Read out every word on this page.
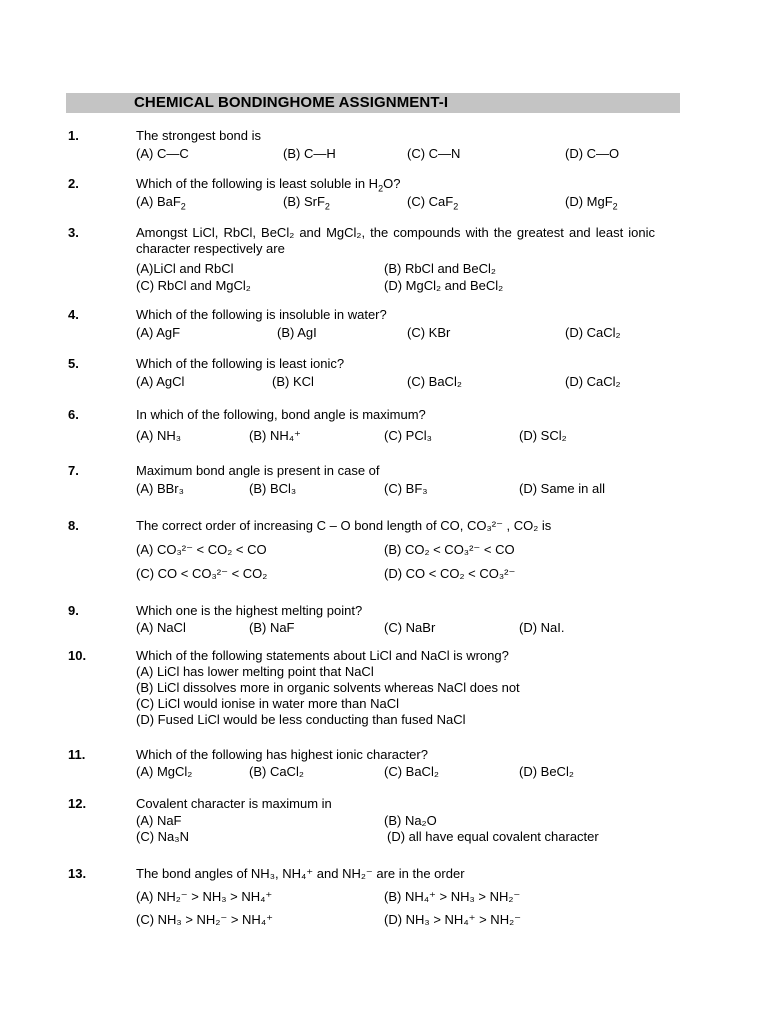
CHEMICAL BONDINGHOME ASSIGNMENT-I
1.	The strongest bond is
(A) C—C	(B) C—H	(C) C—N	(D) C—O
2.	Which of the following is least soluble in $H_2O$?
(A) BaF$_2$	(B) SrF$_2$	(C) CaF$_2$	(D) MgF$_2$
3.	Amongst LiCl, RbCl, BeCl₂ and MgCl₂, the compounds with the greatest and least ionic character respectively are
(A)LiCl and RbCl	(B) RbCl and BeCl₂
(C) RbCl and MgCl₂	(D) MgCl₂ and BeCl₂
4.	Which of the following is insoluble in water?
(A) AgF	(B) AgI	(C) KBr	(D) CaCl₂
5.	Which of the following is least ionic?
(A) AgCl	(B) KCl	(C) BaCl₂	(D) CaCl₂
6.	In which of the following, bond angle is maximum?
(A) NH₃	(B) NH₄⁺	(C) PCl₃	(D) SCl₂
7.	Maximum bond angle is present in case of
(A) BBr₃	(B) BCl₃	(C) BF₃	(D) Same in all
8.	The correct order of increasing C – O bond length of CO, CO₃²⁻ , CO₂ is
(A) CO₃²⁻ < CO₂ < CO	(B) CO₂ < CO₃²⁻ < CO
(C) CO < CO₃²⁻ < CO₂	(D) CO < CO₂ < CO₃²⁻
9.	Which one is the highest melting point?
(A) NaCl	(B) NaF	(C) NaBr	(D) NaI.
10.	Which of the following statements about LiCl and NaCl is wrong?
(A) LiCl has lower melting point that NaCl
(B) LiCl dissolves more in organic solvents whereas NaCl does not
(C) LiCl would ionise in water more than NaCl
(D) Fused LiCl would be less conducting than fused NaCl
11.	Which of the following has highest ionic character?
(A) MgCl₂	(B) CaCl₂	(C) BaCl₂	(D) BeCl₂
12.	Covalent character is maximum in
(A) NaF	(B) Na₂O
(C) Na₃N	(D) all have equal covalent character
13.	The bond angles of NH₃, NH₄⁺ and NH₂⁻ are in the order
(A) NH₂⁻ > NH₃ > NH₄⁺	(B) NH₄⁺ > NH₃ > NH₂⁻
(C) NH₃ > NH₂⁻ > NH₄⁺	(D) NH₃ > NH₄⁺ > NH₂⁻
